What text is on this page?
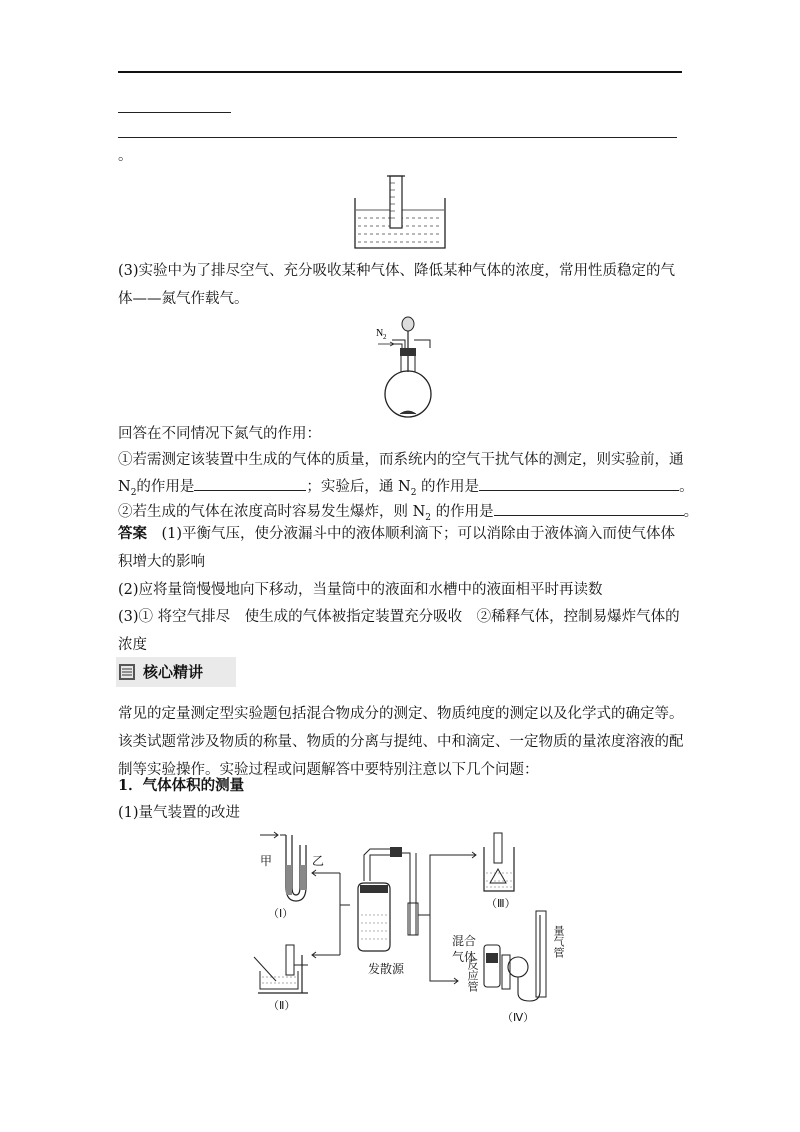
。
(3)实验中为了排尽空气、充分吸收某种气体、降低某种气体的浓度，常用性质稳定的气体——氮气作载气。
N 2
回答在不同情况下氮气的作用：
①若需测定该装置中生成的气体的质量，而系统内的空气干扰气体的测定，则实验前，通
$N_2$的作用是	；实验后，通 $N_2$ 的作用是	。
②若生成的气体在浓度高时容易发生爆炸，则 $N_2$ 的作用是	。
答案　 (1)平衡气压，使分液漏斗中的液体顺利滴下；可以消除由于液体滴入而使气体体积增大的影响
(2)应将量筒慢慢地向下移动，当量筒中的液面和水槽中的液面相平时再读数
(3)① 将空气排尽　使生成的气体被指定装置充分吸收　②稀释气体，控制易爆炸气体的浓度
核心精讲
常见的定量测定型实验题包括混合物成分的测定、物质纯度的测定以及化学式的确定等。该类试题常涉及物质的称量、物质的分离与提纯、中和滴定、一定物质的量浓度溶液的配制等实验操作。实验过程或问题解答中要特别注意以下几个问题：
1．气体体积的测量
(1)量气装置的改进
甲	乙
（Ⅰ）
（Ⅱ）
发散源
（Ⅲ）
混合
气体
反应管
量气管
（Ⅳ）
